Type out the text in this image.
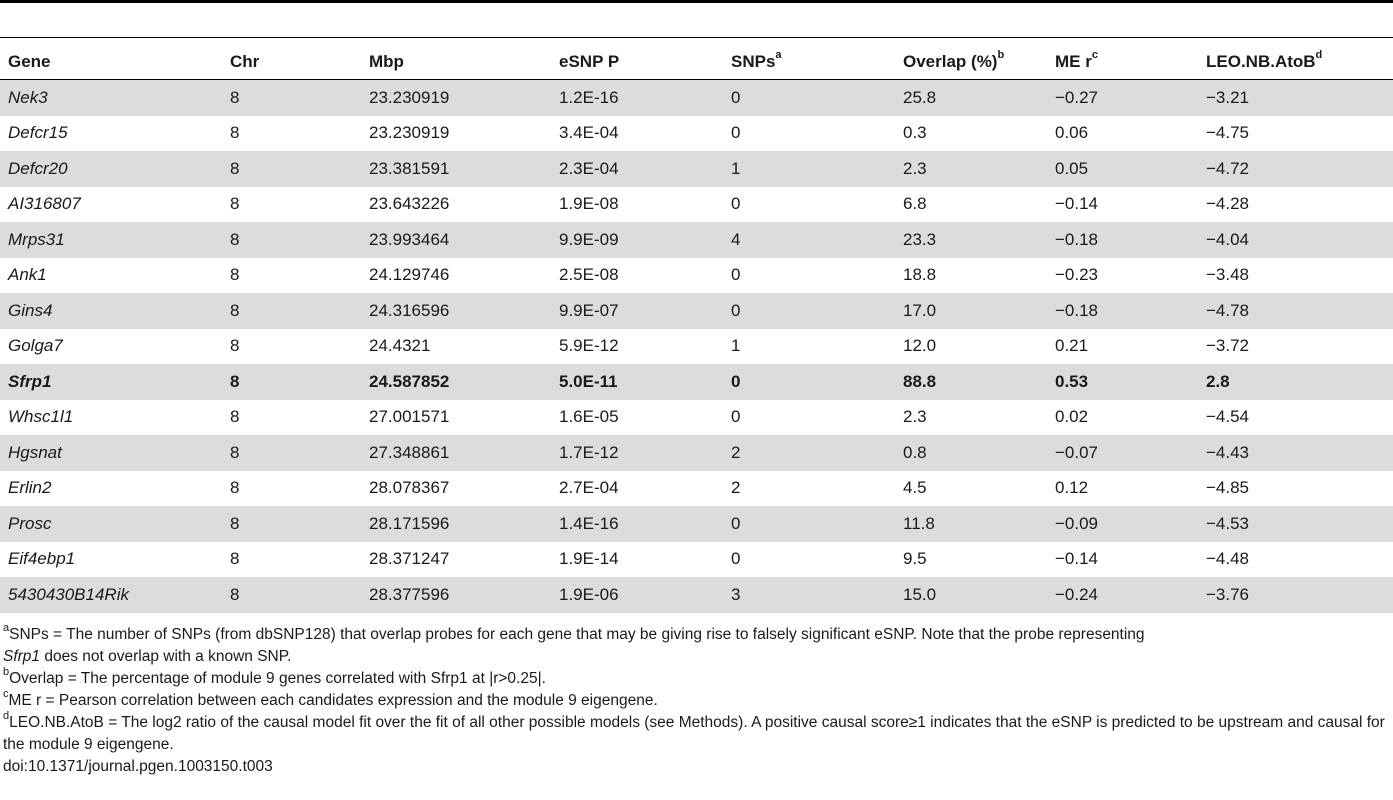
Gene	Chr	Mbp	eSNP P	SNPs$^a$	Overlap (%)$^b$	ME $r^c$	LEO.NB.AtoB$^d$
Nek3	8	23.230919	1.2E-16	0	25.8	−0.27	−3.21
Defcr15	8	23.230919	3.4E-04	0	0.3	0.06	−4.75
Defcr20	8	23.381591	2.3E-04	1	2.3	0.05	−4.72
AI316807	8	23.643226	1.9E-08	0	6.8	−0.14	−4.28
Mrps31	8	23.993464	9.9E-09	4	23.3	−0.18	−4.04
Ank1	8	24.129746	2.5E-08	0	18.8	−0.23	−3.48
Gins4	8	24.316596	9.9E-07	0	17.0	−0.18	−4.78
Golga7	8	24.4321	5.9E-12	1	12.0	0.21	−3.72
Sfrp1	8	24.587852	5.0E-11	0	88.8	0.53	2.8
Whsc1l1	8	27.001571	1.6E-05	0	2.3	0.02	−4.54
Hgsnat	8	27.348861	1.7E-12	2	0.8	−0.07	−4.43
Erlin2	8	28.078367	2.7E-04	2	4.5	0.12	−4.85
Prosc	8	28.171596	1.4E-16	0	11.8	−0.09	−4.53
Eif4ebp1	8	28.371247	1.9E-14	0	9.5	−0.14	−4.48
5430430B14Rik	8	28.377596	1.9E-06	3	15.0	−0.24	−3.76

$^a$SNPs = The number of SNPs (from dbSNP128) that overlap probes for each gene that may be giving rise to falsely significant eSNP. Note that the probe representing
Sfrp1 does not overlap with a known SNP.

$^b$Overlap = The percentage of module 9 genes correlated with Sfrp1 at |r>0.25|.

$^c$ME r = Pearson correlation between each candidates expression and the module 9 eigengene.

$^d$LEO.NB.AtoB = The log2 ratio of the causal model fit over the fit of all other possible models (see Methods). A positive causal score≥1 indicates that the eSNP is predicted to be upstream and causal for the module 9 eigengene.

doi:10.1371/journal.pgen.1003150.t003
